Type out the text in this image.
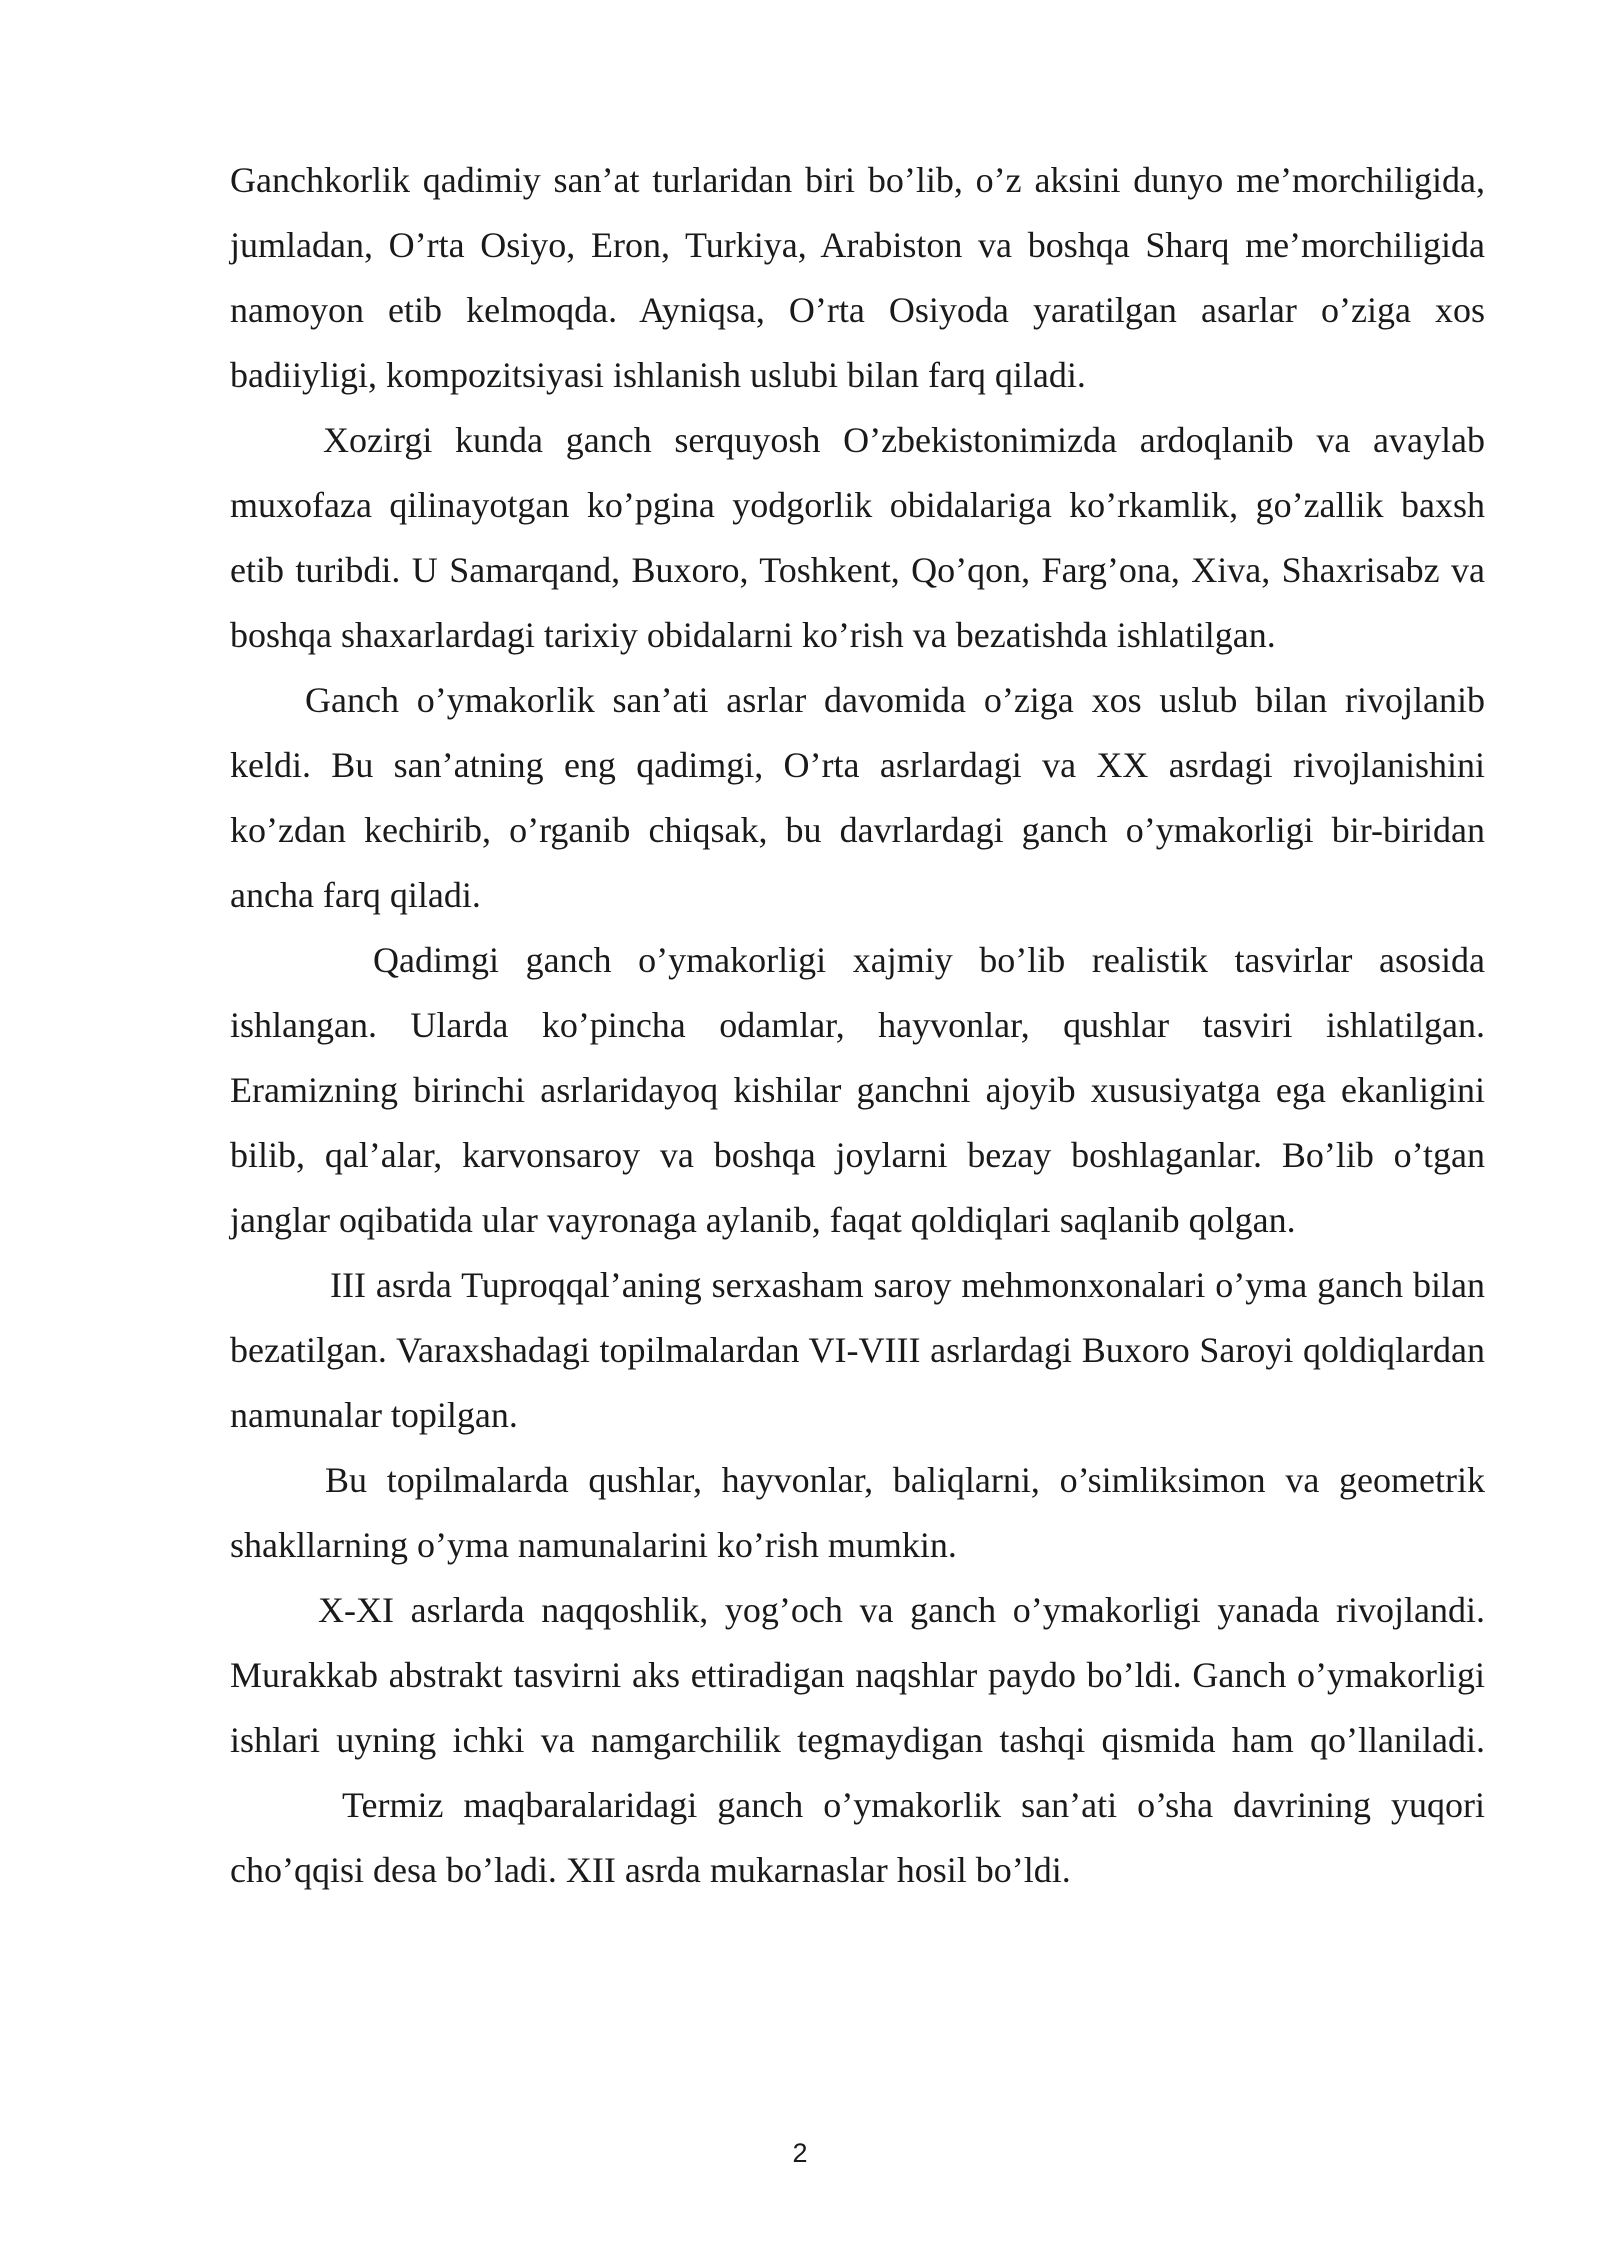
Ganchkorlik qadimiy san’at turlaridan biri bo’lib, o’z aksini dunyo me’morchiligida, jumladan, O’rta Osiyo, Eron, Turkiya, Arabiston va boshqa Sharq me’morchiligida namoyon etib kelmoqda. Ayniqsa, O’rta Osiyoda yaratilgan asarlar o’ziga xos badiiyligi, kompozitsiyasi ishlanish uslubi bilan farq qiladi.

Xozirgi kunda ganch serquyosh O’zbekistonimizda ardoqlanib va avaylab muxofaza qilinayotgan ko’pgina yodgorlik obidalariga ko’rkamlik, go’zallik baxsh etib turibdi. U Samarqand, Buxoro, Toshkent, Qo’qon, Farg’ona, Xiva, Shaxrisabz va boshqa shaxarlardagi tarixiy obidalarni ko’rish va bezatishda ishlatilgan.

Ganch o’ymakorlik san’ati asrlar davomida o’ziga xos uslub bilan rivojlanib keldi. Bu san’atning eng qadimgi, O’rta asrlardagi va XX asrdagi rivojlanishini ko’zdan kechirib, o’rganib chiqsak, bu davrlardagi ganch o’ymakorligi bir-biridan ancha farq qiladi.

Qadimgi ganch o’ymakorligi xajmiy bo’lib realistik tasvirlar asosida ishlangan. Ularda ko’pincha odamlar, hayvonlar, qushlar tasviri ishlatilgan. Eramizning birinchi asrlaridayoq kishilar ganchni ajoyib xususiyatga ega ekanligini bilib, qal’alar, karvonsaroy va boshqa joylarni bezay boshlaganlar. Bo’lib o’tgan janglar oqibatida ular vayronaga aylanib, faqat qoldiqlari saqlanib qolgan.

III asrda Tuproqqal’aning serxasham saroy mehmonxonalari o’yma ganch bilan bezatilgan. Varaxshadagi topilmalardan VI-VIII asrlardagi Buxoro Saroyi qoldiqlardan namunalar topilgan.

Bu topilmalarda qushlar, hayvonlar, baliqlarni, o’simliksimon va geometrik shakllarning o’yma namunalarini ko’rish mumkin.

X-XI asrlarda naqqoshlik, yog’och va ganch o’ymakorligi yanada rivojlandi. Murakkab abstrakt tasvirni aks ettiradigan naqshlar paydo bo’ldi. Ganch o’ymakorligi ishlari uyning ichki va namgarchilik tegmaydigan tashqi qismida ham qo’llaniladi.Termiz maqbaralaridagi ganch o’ymakorlik san’ati o’sha davrining yuqori cho’qqisi desa bo’ladi. XII asrda mukarnaslar hosil bo’ldi.

2
